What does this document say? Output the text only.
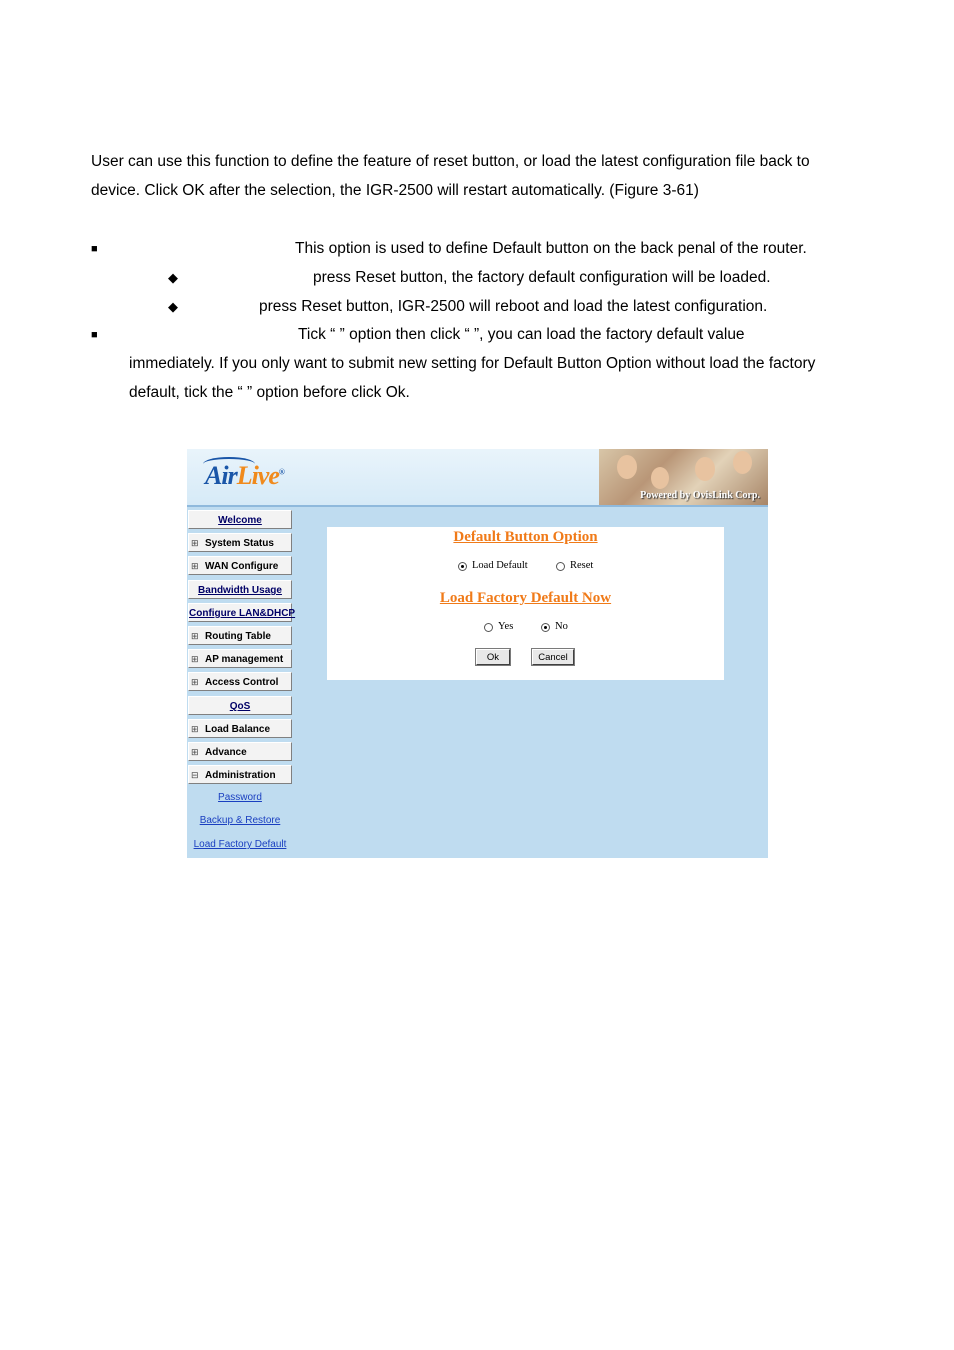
User can use this function to define the feature of reset button, or load the latest configuration file back to
device. Click OK after the selection, the IGR-2500 will restart automatically. (Figure 3-61)
■	This option is used to define Default button on the back penal of the router.
◆	press Reset button, the factory default configuration will be loaded.
◆	press Reset button, IGR-2500 will reboot and load the latest configuration.
■	Tick “ ” option then click “ ”, you can load the factory default value
immediately. If you only want to submit new setting for Default Button Option without load the factory
default, tick the “ ” option before click Ok.
AirLive®
Powered by OvisLink Corp.
Welcome
⊞ System Status
⊞ WAN Configure
Bandwidth Usage
Configure LAN&DHCP
⊞ Routing Table
⊞ AP management
⊞ Access Control
QoS
⊞ Load Balance
⊞ Advance
⊟ Administration
Password
Backup & Restore
Load Factory Default
Default Button Option
Load Default	Reset
Load Factory Default Now
Yes	No
Ok	Cancel
